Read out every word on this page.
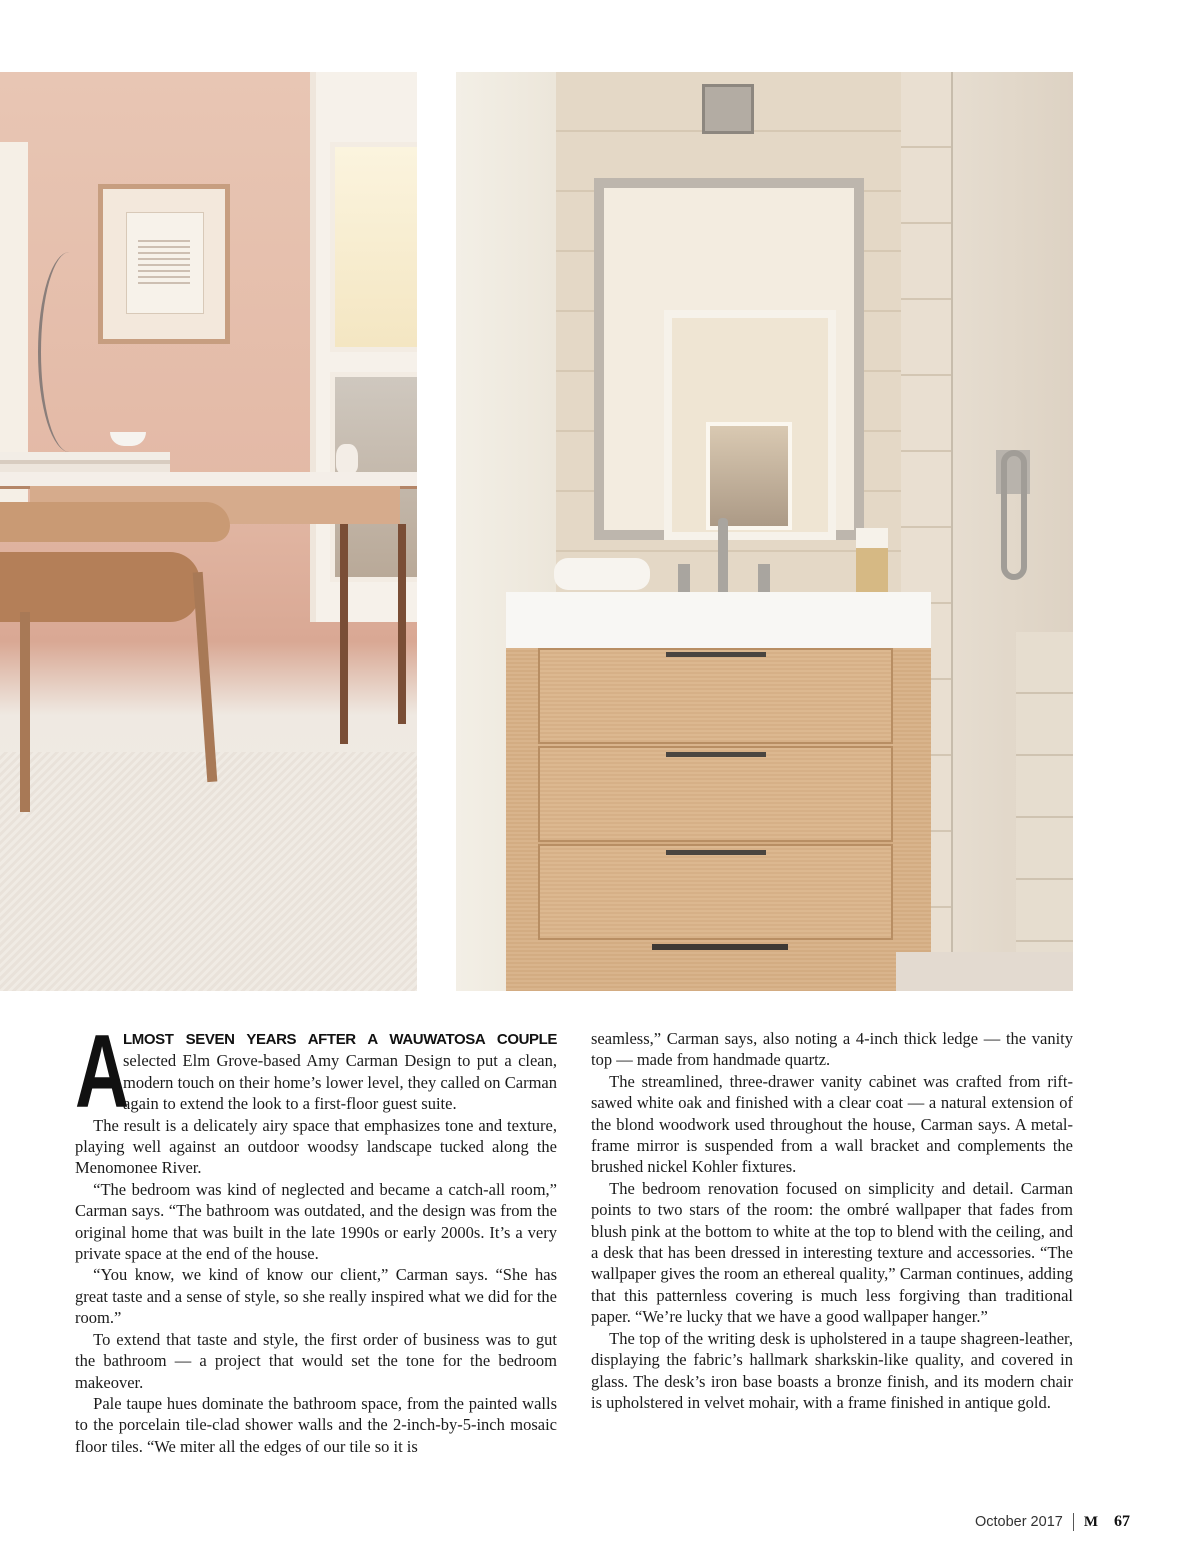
A
LMOST SEVEN YEARS AFTER A WAUWATOSA COUPLE selected Elm Grove-based Amy Carman Design to put a clean, modern touch on their home’s lower level, they called on Carman again to extend the look to a first-floor guest suite.

The result is a delicately airy space that emphasizes tone and texture, playing well against an outdoor woodsy landscape tucked along the Menomonee River.

“The bedroom was kind of neglected and became a catch-all room,” Carman says. “The bathroom was outdated, and the design was from the original home that was built in the late 1990s or early 2000s. It’s a very private space at the end of the house.

“You know, we kind of know our client,” Carman says. “She has great taste and a sense of style, so she really inspired what we did for the room.”

To extend that taste and style, the first order of business was to gut the bathroom — a project that would set the tone for the bedroom makeover.

Pale taupe hues dominate the bathroom space, from the painted walls to the porcelain tile-clad shower walls and the 2-inch-by-5-inch mosaic floor tiles. “We miter all the edges of our tile so it is

seamless,” Carman says, also noting a 4-inch thick ledge — the vanity top — made from handmade quartz.

The streamlined, three-drawer vanity cabinet was crafted from rift-sawed white oak and finished with a clear coat — a natural extension of the blond woodwork used throughout the house, Carman says. A metal-frame mirror is suspended from a wall bracket and complements the brushed nickel Kohler fixtures.

The bedroom renovation focused on simplicity and detail. Carman points to two stars of the room: the ombré wallpaper that fades from blush pink at the bottom to white at the top to blend with the ceiling, and a desk that has been dressed in interesting texture and accessories. “The wallpaper gives the room an ethereal quality,” Carman continues, adding that this patternless covering is much less forgiving than traditional paper. “We’re lucky that we have a good wallpaper hanger.”

The top of the writing desk is upholstered in a taupe shagreen-leather, displaying the fabric’s hallmark sharkskin-like quality, and covered in glass. The desk’s iron base boasts a bronze finish, and its modern chair is upholstered in velvet mohair, with a frame finished in antique gold.

October 2017 M 67
